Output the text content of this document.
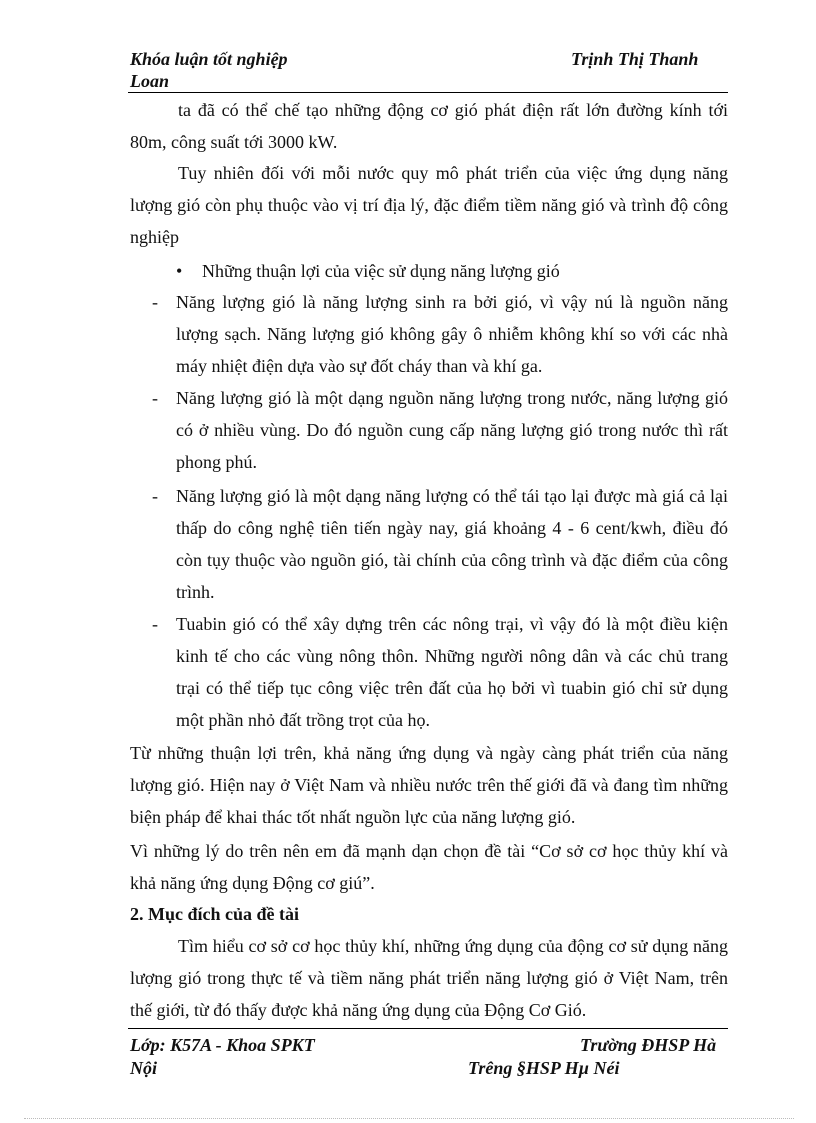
Khóa luận tốt nghiệp	Trịnh Thị Thanh
Loan
ta đã có thể chế tạo những động cơ gió phát điện rất lớn đường kính tới 80m, công suất tới 3000 kW.
Tuy nhiên đối với mỗi nước quy mô phát triển của việc ứng dụng năng lượng gió còn phụ thuộc vào vị trí địa lý, đặc điểm tiềm năng gió và trình độ công nghiệp
• Những thuận lợi của việc sử dụng năng lượng gió
- Năng lượng gió là năng lượng sinh ra bởi gió, vì vậy nú là nguồn năng lượng sạch. Năng lượng gió không gây ô nhiễm không khí so với các nhà máy nhiệt điện dựa vào sự đốt cháy than và khí ga.
- Năng lượng gió là một dạng nguồn năng lượng trong nước, năng lượng gió có ở nhiều vùng. Do đó nguồn cung cấp năng lượng gió trong nước thì rất phong phú.
- Năng lượng gió là một dạng năng lượng có thể tái tạo lại được mà giá cả lại thấp do công nghệ tiên tiến ngày nay, giá khoảng 4 - 6 cent/kwh, điều đó còn tụy thuộc vào nguồn gió, tài chính của công trình và đặc điểm của công trình.
- Tuabin gió có thể xây dựng trên các nông trại, vì vậy đó là một điều kiện kinh tế cho các vùng nông thôn. Những người nông dân và các chủ trang trại có thể tiếp tục công việc trên đất của họ bởi vì tuabin gió chỉ sử dụng một phần nhỏ đất trồng trọt của họ.
Từ những thuận lợi trên, khả năng ứng dụng và ngày càng phát triển của năng lượng gió. Hiện nay ở Việt Nam và nhiều nước trên thế giới đã và đang tìm những biện pháp để khai thác tốt nhất nguồn lực của năng lượng gió.
Vì những lý do trên nên em đã mạnh dạn chọn đề tài “Cơ sở cơ học thủy khí và khả năng ứng dụng Động cơ giú”.
2. Mục đích của đề tài
Tìm hiểu cơ sở cơ học thủy khí, những ứng dụng của động cơ sử dụng năng lượng gió trong thực tế và tiềm năng phát triển năng lượng gió ở Việt Nam, trên thế giới, từ đó thấy được khả năng ứng dụng của Động Cơ Gió.
Lớp: K57A - Khoa SPKT	Trường ĐHSP Hà
Nội	Trêng §HSP Hµ Néi
